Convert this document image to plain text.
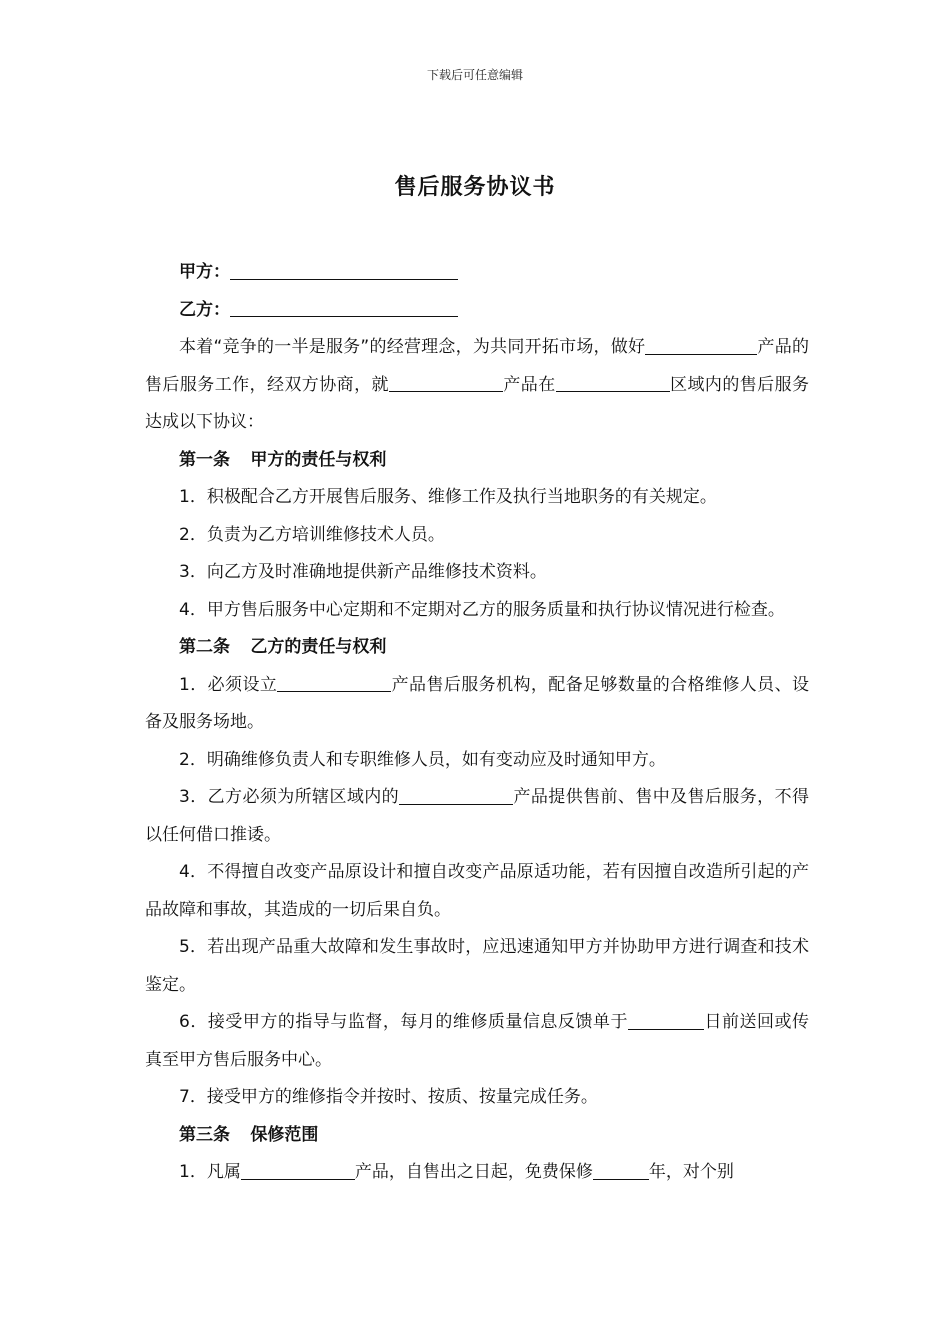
下载后可任意编辑
售后服务协议书

甲方：

乙方：

本着“竞争的一半是服务”的经营理念，为共同开拓市场，做好	产品的售后服务工作，经双方协商，就	产品在	区域内的售后服务达成以下协议：

第一条 甲方的责任与权利

1．积极配合乙方开展售后服务、维修工作及执行当地职务的有关规定。

2．负责为乙方培训维修技术人员。

3．向乙方及时准确地提供新产品维修技术资料。

4．甲方售后服务中心定期和不定期对乙方的服务质量和执行协议情况进行检查。

第二条 乙方的责任与权利

1．必须设立	产品售后服务机构，配备足够数量的合格维修人员、设备及服务场地。

2．明确维修负责人和专职维修人员，如有变动应及时通知甲方。

3．乙方必须为所辖区域内的	产品提供售前、售中及售后服务，不得以任何借口推诿。

4．不得擅自改变产品原设计和擅自改变产品原适功能，若有因擅自改造所引起的产品故障和事故，其造成的一切后果自负。

5．若出现产品重大故障和发生事故时，应迅速通知甲方并协助甲方进行调查和技术鉴定。

6．接受甲方的指导与监督，每月的维修质量信息反馈单于	日前送回或传真至甲方售后服务中心。

7．接受甲方的维修指令并按时、按质、按量完成任务。

第三条 保修范围

1．凡属	产品，自售出之日起，免费保修	年，对个别
